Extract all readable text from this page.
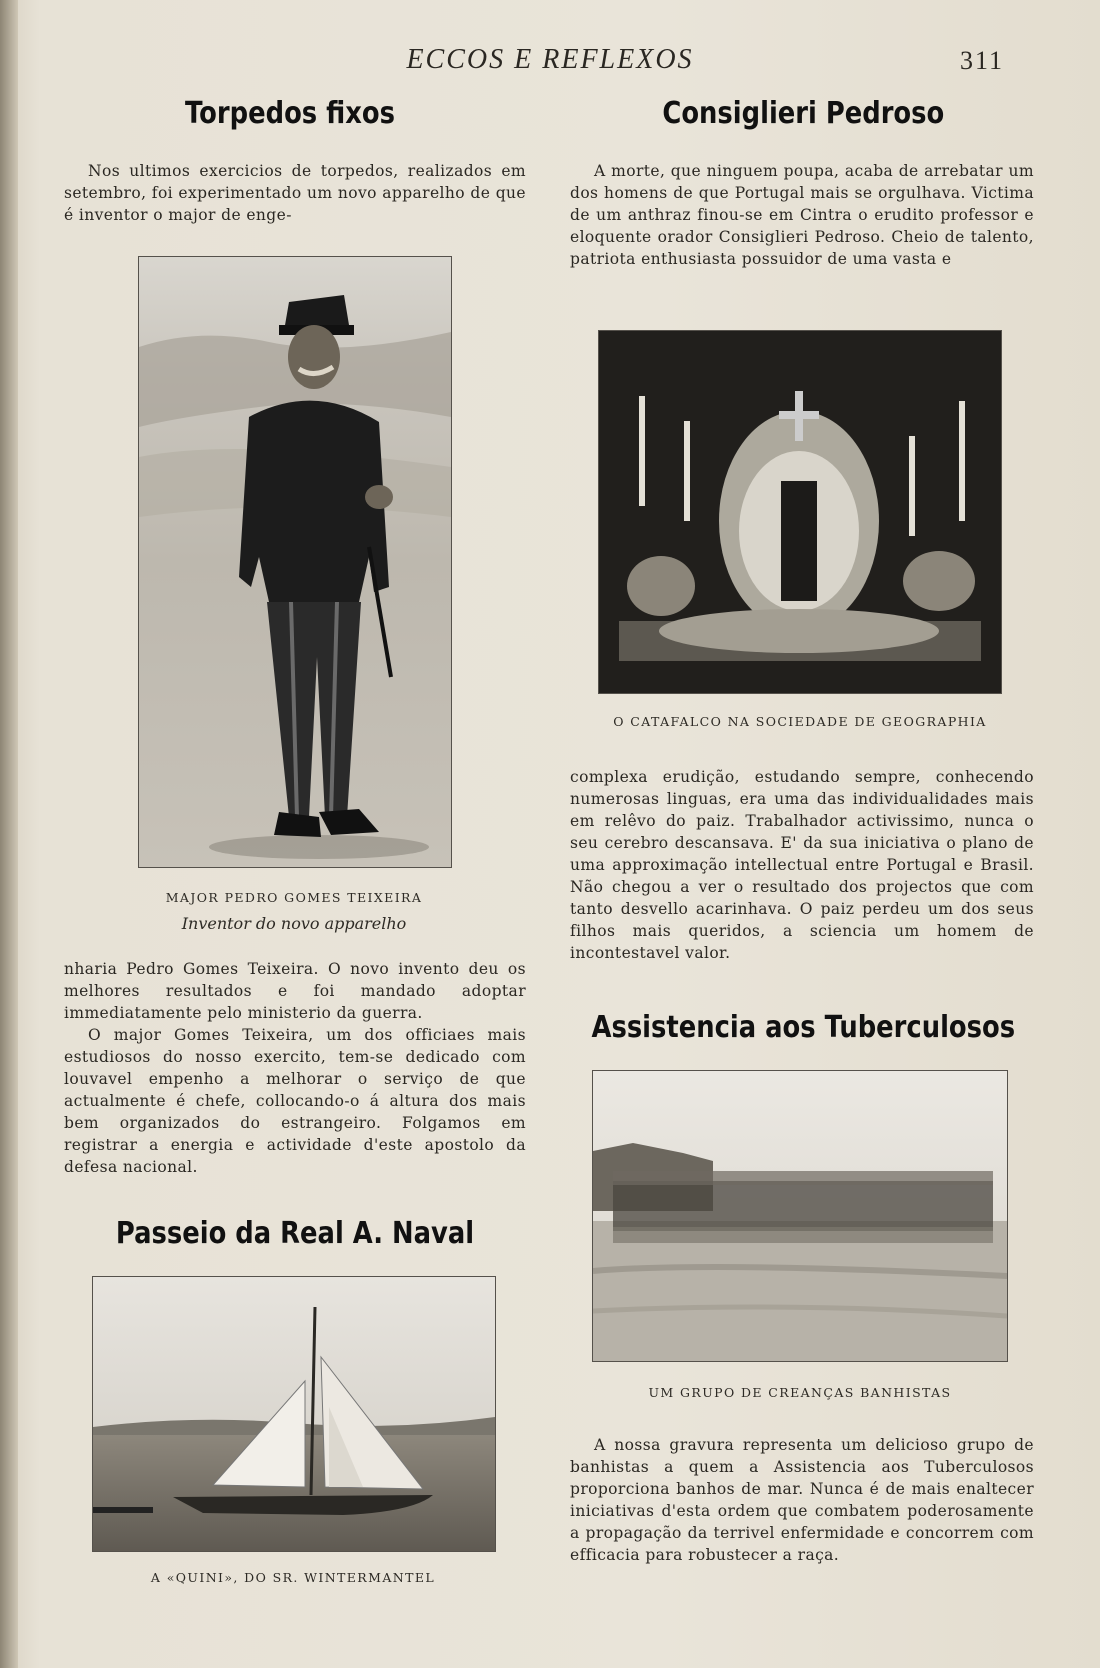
ECCOS E REFLEXOS	311
Torpedos fixos

Nos ultimos exercicios de torpedos, realizados em setembro, foi experimentado um novo apparelho de que é inventor o major de enge-

MAJOR PEDRO GOMES TEIXEIRA
Inventor do novo apparelho

nharia Pedro Gomes Teixeira. O novo invento deu os melhores resultados e foi mandado adoptar immediatamente pelo ministerio da guerra.

O major Gomes Teixeira, um dos officiaes mais estudiosos do nosso exercito, tem-se dedicado com louvavel empenho a melhorar o serviço de que actualmente é chefe, collocando-o á altura dos mais bem organizados do estrangeiro. Folgamos em registrar a energia e actividade d'este apostolo da defesa nacional.

Passeio da Real A. Naval
A «QUINI», DO SR. WINTERMANTEL
Consiglieri Pedroso

A morte, que ninguem poupa, acaba de arrebatar um dos homens de que Portugal mais se orgulhava. Victima de um anthraz finou-se em Cintra o erudito professor e eloquente orador Consiglieri Pedroso. Cheio de talento, patriota enthusiasta possuidor de uma vasta e

O CATAFALCO NA SOCIEDADE DE GEOGRAPHIA

complexa erudição, estudando sempre, conhecendo numerosas linguas, era uma das individualidades mais em relêvo do paiz. Trabalhador activissimo, nunca o seu cerebro descansava. E' da sua iniciativa o plano de uma approximação intellectual entre Portugal e Brasil. Não chegou a ver o resultado dos projectos que com tanto desvello acarinhava. O paiz perdeu um dos seus filhos mais queridos, a sciencia um homem de incontestavel valor.

Assistencia aos Tuberculosos
UM GRUPO DE CREANÇAS BANHISTAS

A nossa gravura representa um delicioso grupo de banhistas a quem a Assistencia aos Tuberculosos proporciona banhos de mar. Nunca é de mais enaltecer iniciativas d'esta ordem que combatem poderosamente a propagação da terrivel enfermidade e concorrem com efficacia para robustecer a raça.
